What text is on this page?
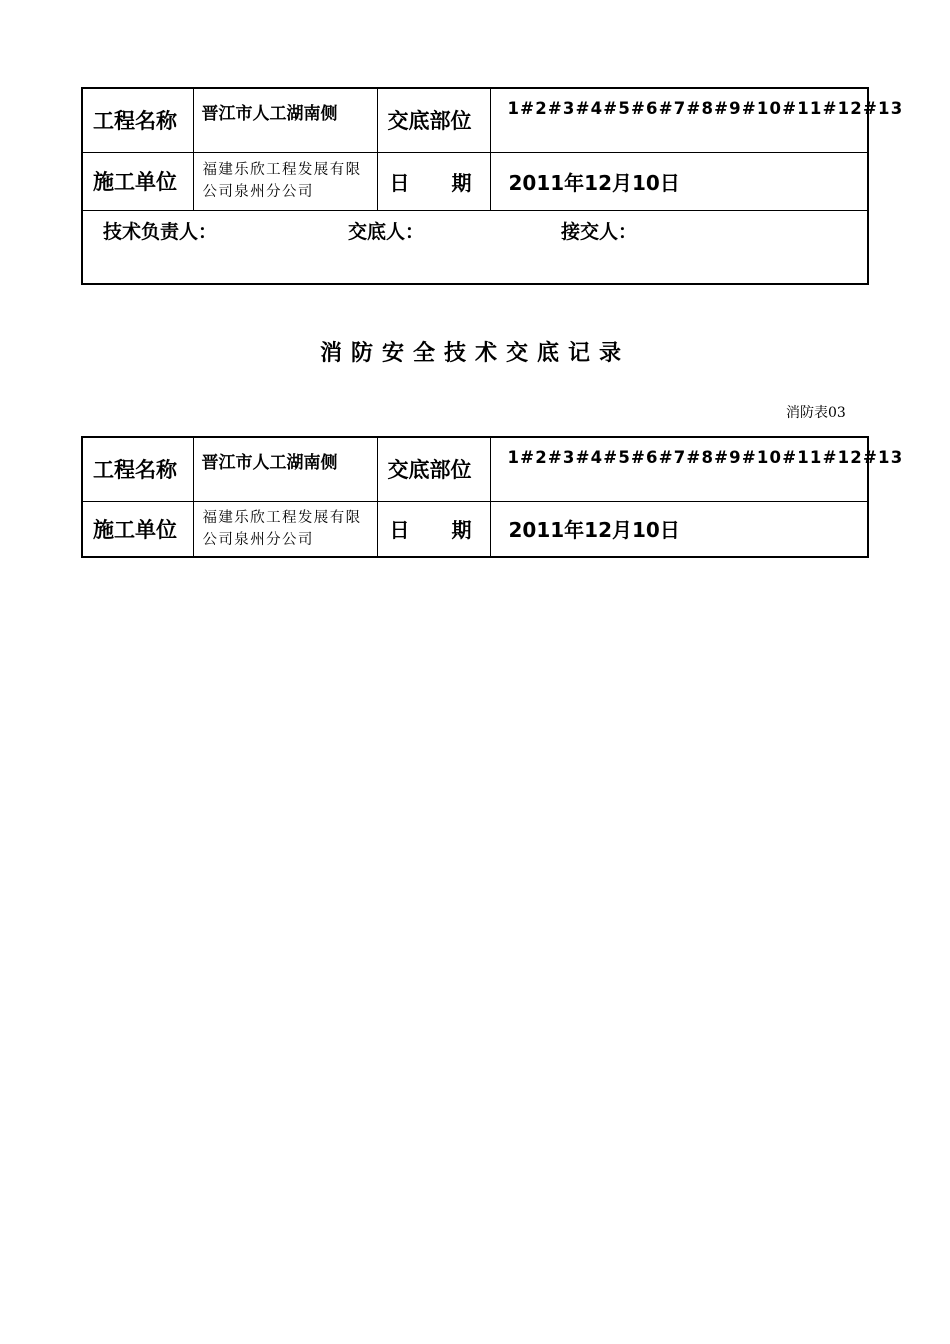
工程名称	晋江市人工湖南侧	交底部位	1#2#3#4#5#6#7#8#9#10#11#12#13

施工单位	福建乐欣工程发展有限公司泉州分公司	日 期	2011年12月10日

技术负责人： 交底人： 接交人：			
消防安全技术交底记录
消防表03
工程名称	晋江市人工湖南侧	交底部位	1#2#3#4#5#6#7#8#9#10#11#12#13

施工单位	福建乐欣工程发展有限公司泉州分公司	日 期	2011年12月10日
